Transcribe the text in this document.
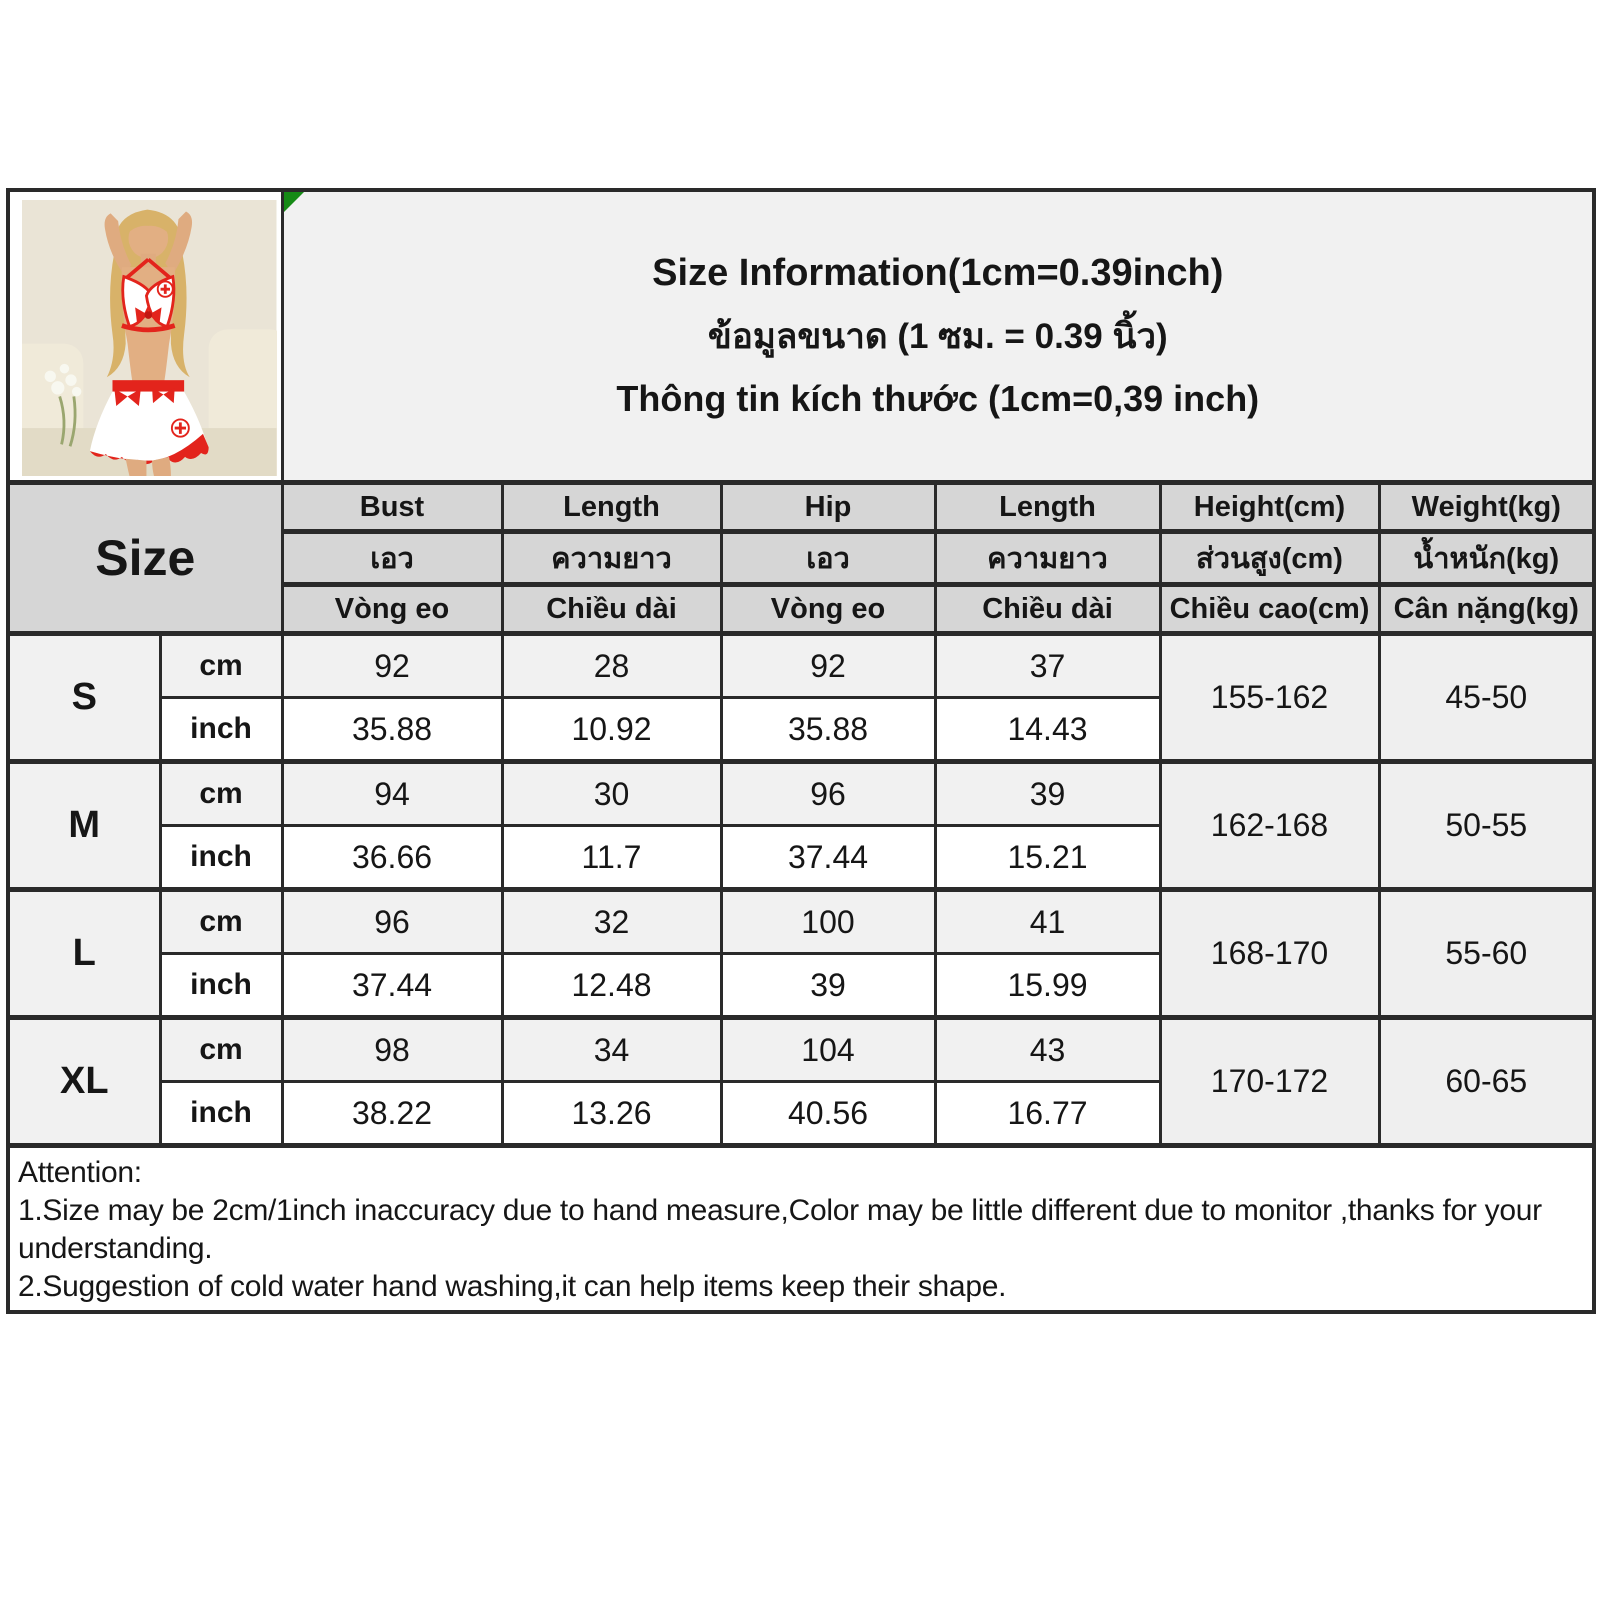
Size Information(1cm=0.39inch)
ข้อมูลขนาด (1 ซม. = 0.39 นิ้ว)
Thông tin kích thước (1cm=0,39 inch)					

Size		Bust	Length	Hip	Length	Height(cm)	Weight(kg)
		เอว	ความยาว	เอว	ความยาว	ส่วนสูง(cm)	น้ำหนัก(kg)
		Vòng eo	Chiều dài	Vòng eo	Chiều dài	Chiều cao(cm)	Cân nặng(kg)
S	cm	92	28	92	37	155-162	45-50
	inch	35.88	10.92	35.88	14.43		
M	cm	94	30	96	39	162-168	50-55
	inch	36.66	11.7	37.44	15.21		
L	cm	96	32	100	41	168-170	55-60
	inch	37.44	12.48	39	15.99		
XL	cm	98	34	104	43	170-172	60-65
	inch	38.22	13.26	40.56	16.77		

Attention:
1.Size may be 2cm/1inch inaccuracy due to hand measure,Color may be little different due to monitor ,thanks for your
understanding.
2.Suggestion of cold water hand washing,it can help items keep their shape.							
